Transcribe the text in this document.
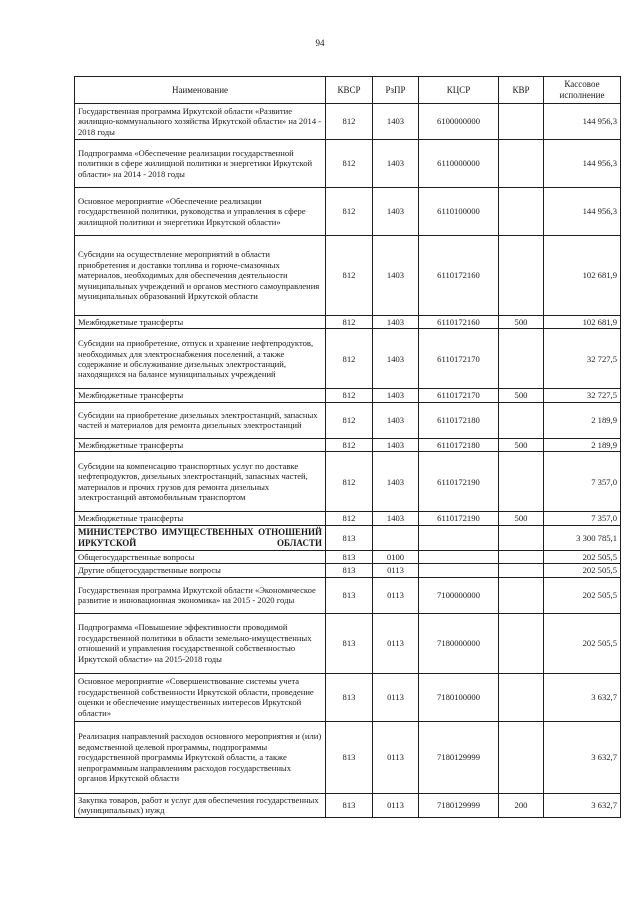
94
Наименование	КВСР	РзПР	КЦСР	КВР	Кассовое исполнение
Государственная программа Иркутской области «Развитие жилищно-коммунального хозяйства Иркутской области» на 2014 - 2018 годы	812	1403	6100000000		144 956,3
Подпрограмма «Обеспечение реализации государственной политики в сфере жилищной политики и энергетики Иркутской области» на 2014 - 2018 годы	812	1403	6110000000		144 956,3
Основное мероприятие «Обеспечение реализации государственной политики, руководства и управления в сфере жилищной политики и энергетики Иркутской области»	812	1403	6110100000		144 956,3
Субсидии на осуществление мероприятий в области приобретения и доставки топлива и горюче-смазочных материалов, необходимых для обеспечения деятельности муниципальных учреждений и органов местного самоуправления муниципальных образований Иркутской области	812	1403	6110172160		102 681,9
Межбюджетные трансферты	812	1403	6110172160	500	102 681,9
Субсидии на приобретение, отпуск и хранение нефтепродуктов, необходимых для электроснабжения поселений, а также содержание и обслуживание дизельных электростанций, находящихся на балансе муниципальных учреждений	812	1403	6110172170		32 727,5
Межбюджетные трансферты	812	1403	6110172170	500	32 727,5
Субсидии на приобретение дизельных электростанций, запасных частей и материалов для ремонта дизельных электростанций	812	1403	6110172180		2 189,9
Межбюджетные трансферты	812	1403	6110172180	500	2 189,9
Субсидии на компенсацию транспортных услуг по доставке нефтепродуктов, дизельных электростанций, запасных частей, материалов и прочих грузов для ремонта дизельных электростанций автомобильным транспортом	812	1403	6110172190		7 357,0
Межбюджетные трансферты	812	1403	6110172190	500	7 357,0
МИНИСТЕРСТВО ИМУЩЕСТВЕННЫХ ОТНОШЕНИЙ ИРКУТСКОЙ ОБЛАСТИ	813				3 300 785,1
Общегосударственные вопросы	813	0100			202 505,5
Другие общегосударственные вопросы	813	0113			202 505,5
Государственная программа Иркутской области «Экономическое развитие и инновационная экономика» на 2015 - 2020 годы	813	0113	7100000000		202 505,5
Подпрограмма «Повышение эффективности проводимой государственной политики в области земельно-имущественных отношений и управления государственной собственностью Иркутской области» на 2015-2018 годы	813	0113	7180000000		202 505,5
Основное мероприятие «Совершенствование системы учета государственной собственности Иркутской области, проведение оценки и обеспечение имущественных интересов Иркутской области»	813	0113	7180100000		3 632,7
Реализация направлений расходов основного мероприятия и (или) ведомственной целевой программы, подпрограммы государственной программы Иркутской области, а также непрограммным направлениям расходов государственных органов Иркутской области	813	0113	7180129999		3 632,7
Закупка товаров, работ и услуг для обеспечения государственных (муниципальных) нужд	813	0113	7180129999	200	3 632,7
